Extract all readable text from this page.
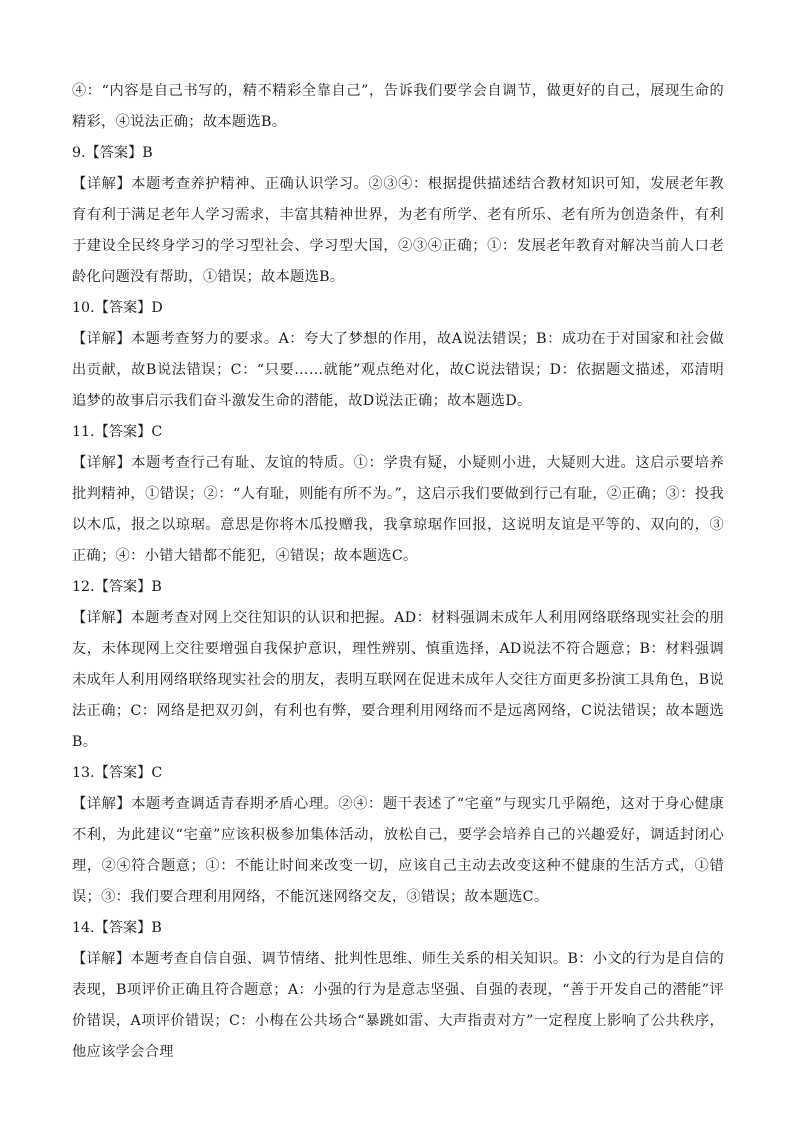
④：“内容是自己书写的，精不精彩全靠自己”，告诉我们要学会自调节，做更好的自己，展现生命的精彩，④说法正确；故本题选B。

9.【答案】B

【详解】本题考查养护精神、正确认识学习。②③④：根据提供描述结合教材知识可知，发展老年教育有利于满足老年人学习需求，丰富其精神世界，为老有所学、老有所乐、老有所为创造条件，有利于建设全民终身学习的学习型社会、学习型大国，②③④正确；①：发展老年教育对解决当前人口老龄化问题没有帮助，①错误；故本题选B。

10.【答案】D

【详解】本题考查努力的要求。A：夸大了梦想的作用，故A说法错误；B：成功在于对国家和社会做出贡献，故B说法错误；C：“只要……就能”观点绝对化，故C说法错误；D：依据题文描述，邓清明追梦的故事启示我们奋斗激发生命的潜能，故D说法正确；故本题选D。

11.【答案】C

【详解】本题考查行己有耻、友谊的特质。①：学贵有疑，小疑则小进，大疑则大进。这启示要培养批判精神，①错误；②：“人有耻，则能有所不为。”，这启示我们要做到行己有耻，②正确；③：投我以木瓜，报之以琼琚。意思是你将木瓜投赠我，我拿琼琚作回报，这说明友谊是平等的、双向的，③正确；④：小错大错都不能犯，④错误；故本题选C。

12.【答案】B

【详解】本题考查对网上交往知识的认识和把握。AD：材料强调未成年人利用网络联络现实社会的朋友，未体现网上交往要增强自我保护意识，理性辨别、慎重选择，AD说法不符合题意；B：材料强调未成年人利用网络联络现实社会的朋友，表明互联网在促进未成年人交往方面更多扮演工具角色，B说法正确；C：网络是把双刃剑，有利也有弊，要合理利用网络而不是远离网络，C说法错误；故本题选B。

13.【答案】C

【详解】本题考查调适青春期矛盾心理。②④：题干表述了“宅童”与现实几乎隔绝，这对于身心健康不利，为此建议“宅童”应该积极参加集体活动，放松自己，要学会培养自己的兴趣爱好，调适封闭心理，②④符合题意；①：不能让时间来改变一切，应该自己主动去改变这种不健康的生活方式，①错误；③：我们要合理利用网络，不能沉迷网络交友，③错误；故本题选C。

14.【答案】B

【详解】本题考查自信自强、调节情绪、批判性思维、师生关系的相关知识。B：小文的行为是自信的表现，B项评价正确且符合题意；A：小强的行为是意志坚强、自强的表现，“善于开发自己的潜能”评价错误，A项评价错误；C：小梅在公共场合“暴跳如雷、大声指责对方”一定程度上影响了公共秩序，他应该学会合理
